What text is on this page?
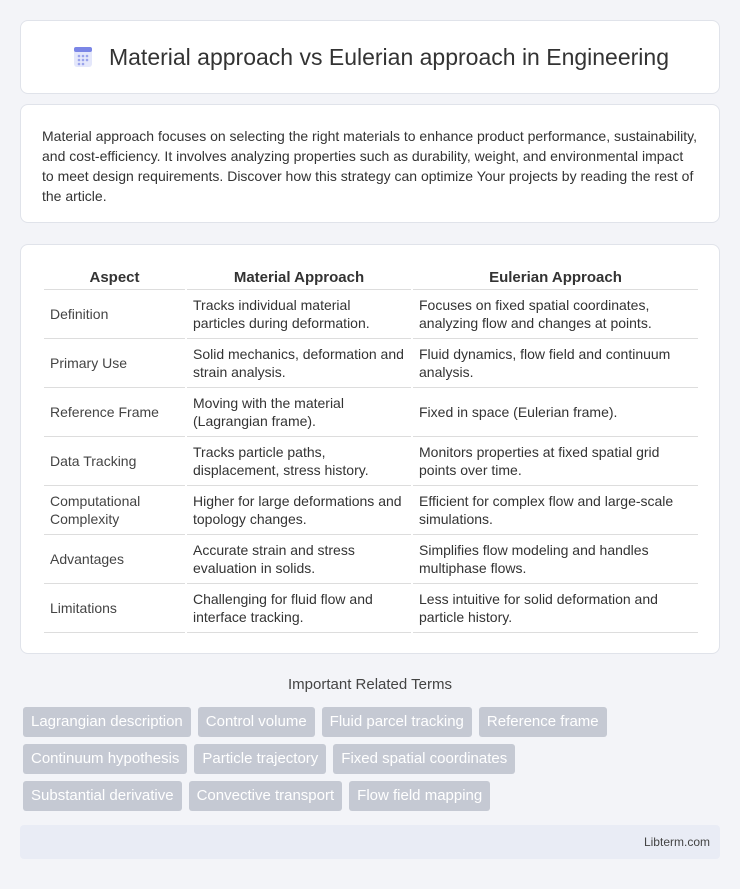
Material approach vs Eulerian approach in Engineering

Material approach focuses on selecting the right materials to enhance product performance, sustainability, and cost-efficiency. It involves analyzing properties such as durability, weight, and environmental impact to meet design requirements. Discover how this strategy can optimize Your projects by reading the rest of the article.

Aspect	Material Approach	Eulerian Approach
Definition	Tracks individual material particles during deformation.	Focuses on fixed spatial coordinates, analyzing flow and changes at points.
Primary Use	Solid mechanics, deformation and strain analysis.	Fluid dynamics, flow field and continuum analysis.
Reference Frame	Moving with the material (Lagrangian frame).	Fixed in space (Eulerian frame).
Data Tracking	Tracks particle paths, displacement, stress history.	Monitors properties at fixed spatial grid points over time.
Computational Complexity	Higher for large deformations and topology changes.	Efficient for complex flow and large-scale simulations.
Advantages	Accurate strain and stress evaluation in solids.	Simplifies flow modeling and handles multiphase flows.
Limitations	Challenging for fluid flow and interface tracking.	Less intuitive for solid deformation and particle history.
Important Related Terms
Lagrangian description	Control volume	Fluid parcel tracking	Reference frame
Continuum hypothesis	Particle trajectory	Fixed spatial coordinates
Substantial derivative	Convective transport	Flow field mapping
Libterm.com
